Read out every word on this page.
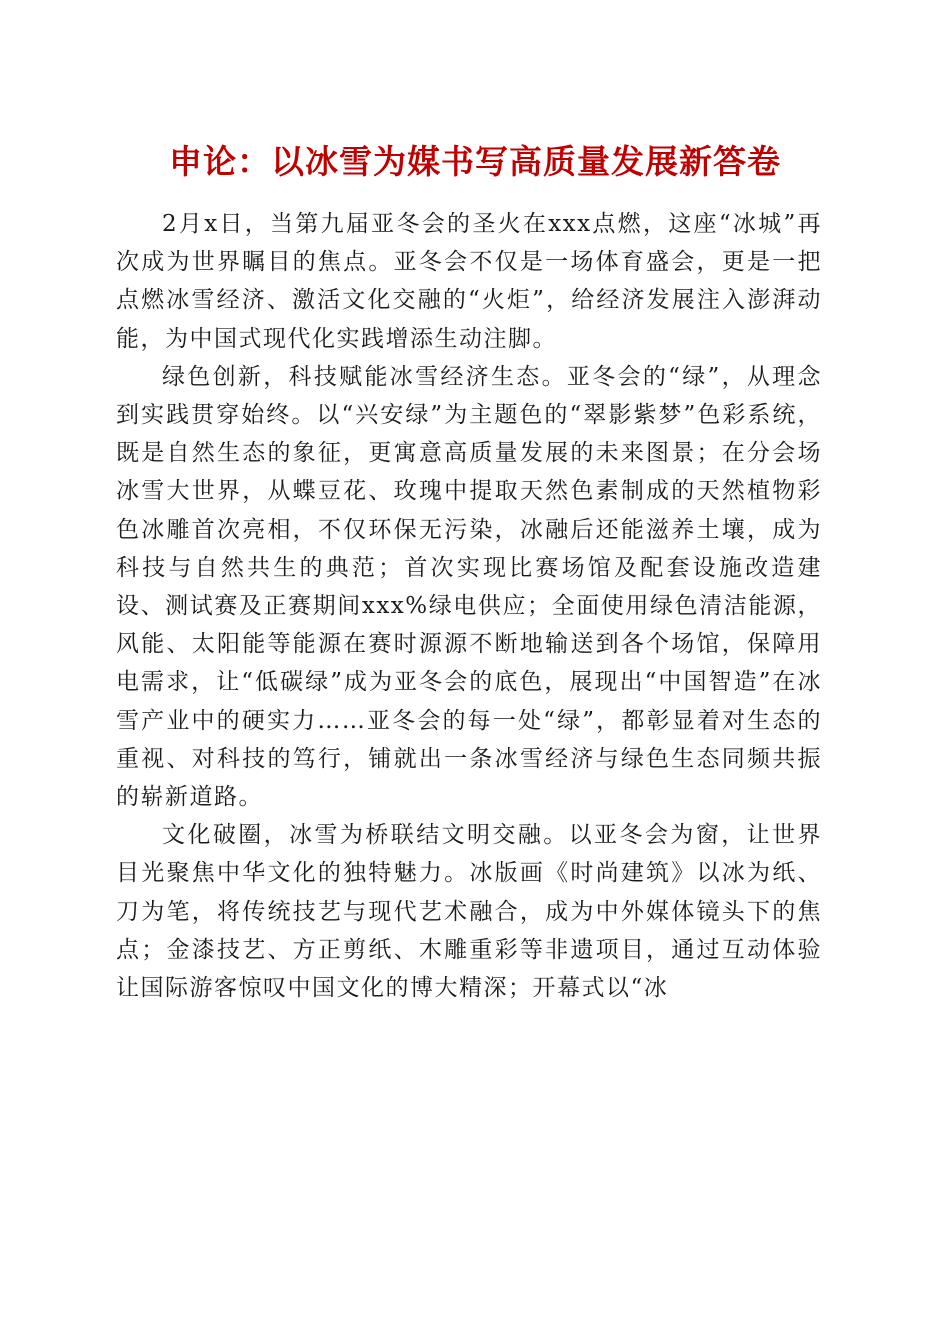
申论：以冰雪为媒书写高质量发展新答卷

2月x日，当第九届亚冬会的圣火在xxx点燃，这座“冰城”再次成为世界瞩目的焦点。亚冬会不仅是一场体育盛会，更是一把点燃冰雪经济、激活文化交融的“火炬”，给经济发展注入澎湃动能，为中国式现代化实践增添生动注脚。

绿色创新，科技赋能冰雪经济生态。亚冬会的“绿”，从理念到实践贯穿始终。以“兴安绿”为主题色的“翠影紫梦”色彩系统，既是自然生态的象征，更寓意高质量发展的未来图景；在分会场冰雪大世界，从蝶豆花、玫瑰中提取天然色素制成的天然植物彩色冰雕首次亮相，不仅环保无污染，冰融后还能滋养土壤，成为科技与自然共生的典范；首次实现比赛场馆及配套设施改造建设、测试赛及正赛期间xxx%绿电供应；全面使用绿色清洁能源，风能、太阳能等能源在赛时源源不断地输送到各个场馆，保障用电需求，让“低碳绿”成为亚冬会的底色，展现出“中国智造”在冰雪产业中的硬实力……亚冬会的每一处“绿”，都彰显着对生态的重视、对科技的笃行，铺就出一条冰雪经济与绿色生态同频共振的崭新道路。

文化破圈，冰雪为桥联结文明交融。以亚冬会为窗，让世界目光聚焦中华文化的独特魅力。冰版画《时尚建筑》以冰为纸、刀为笔，将传统技艺与现代艺术融合，成为中外媒体镜头下的焦点；金漆技艺、方正剪纸、木雕重彩等非遗项目，通过互动体验让国际游客惊叹中国文化的博大精深；开幕式以“冰
